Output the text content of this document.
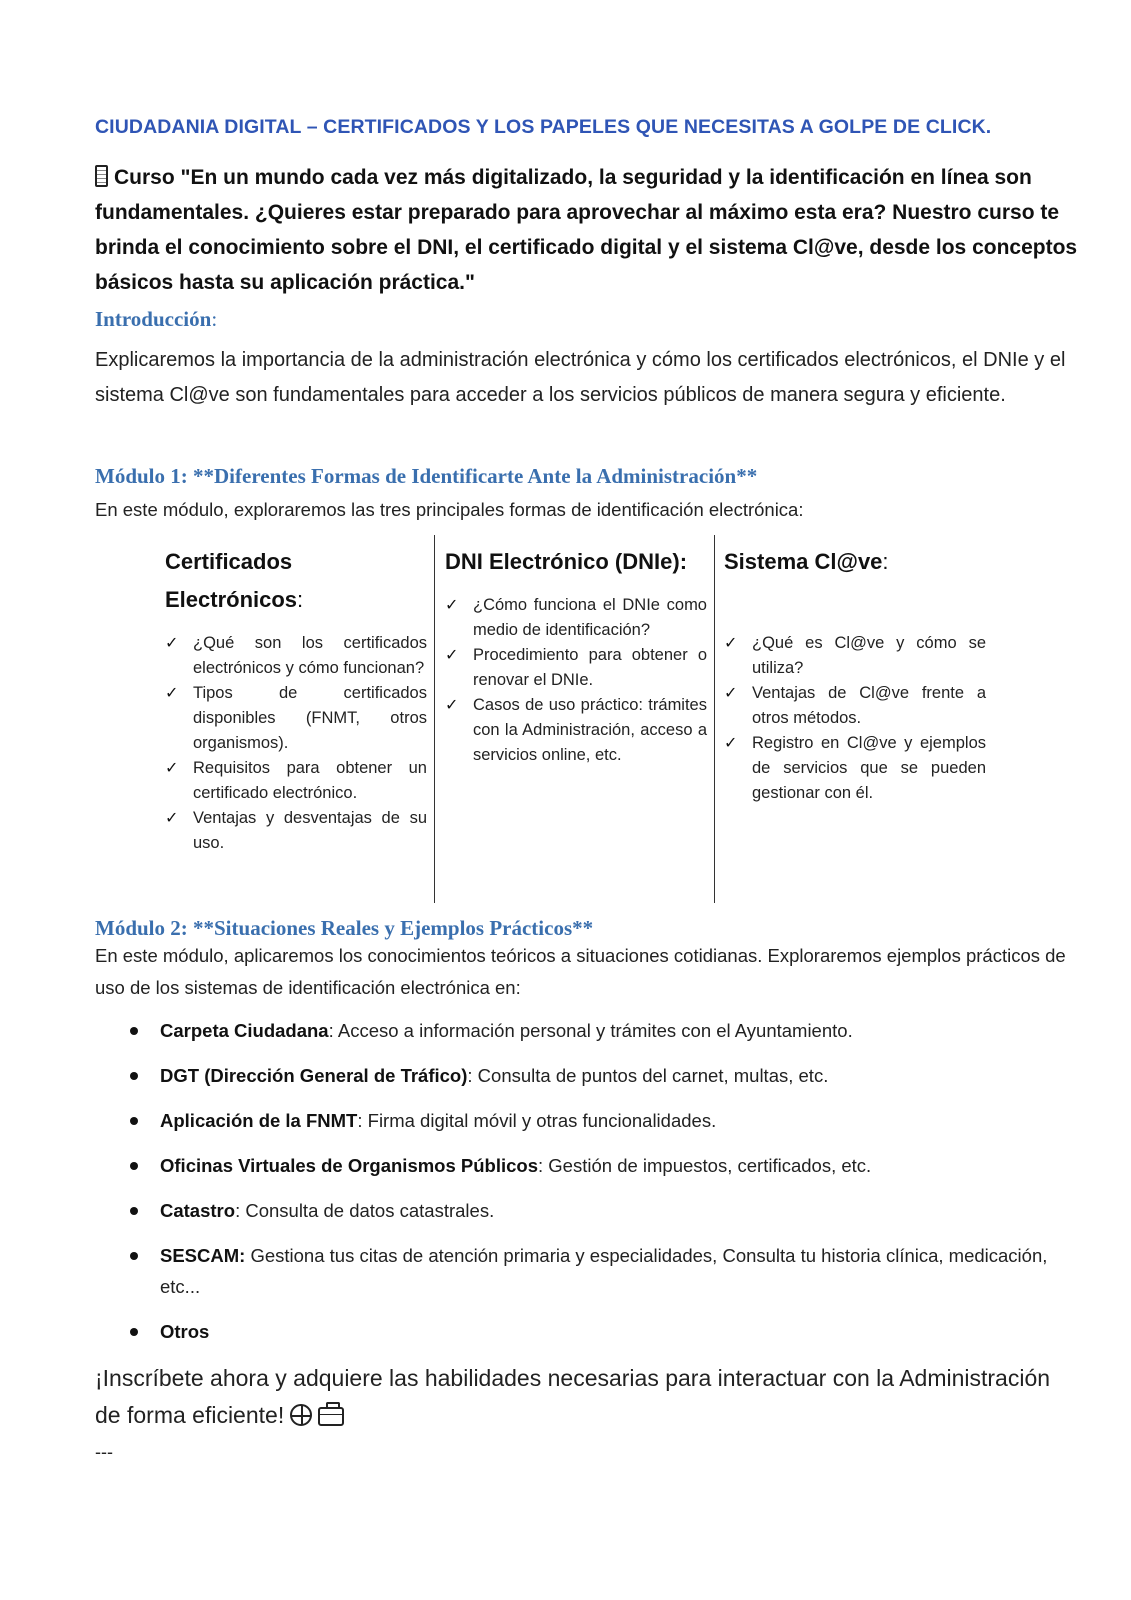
CIUDADANIA DIGITAL – CERTIFICADOS Y LOS PAPELES QUE NECESITAS A GOLPE DE CLICK.
Curso "En un mundo cada vez más digitalizado, la seguridad y la identificación en línea son fundamentales. ¿Quieres estar preparado para aprovechar al máximo esta era? Nuestro curso te brinda el conocimiento sobre el DNI, el certificado digital y el sistema Cl@ve, desde los conceptos básicos hasta su aplicación práctica."
Introducción:
Explicaremos la importancia de la administración electrónica y cómo los certificados electrónicos, el DNIe y el sistema Cl@ve son fundamentales para acceder a los servicios públicos de manera segura y eficiente.
Módulo 1: **Diferentes Formas de Identificarte Ante la Administración**
En este módulo, exploraremos las tres principales formas de identificación electrónica:
Certificados Electrónicos:
✓ ¿Qué son los certificados electrónicos y cómo funcionan?
✓ Tipos de certificados disponibles (FNMT, otros organismos).
✓ Requisitos para obtener un certificado electrónico.
✓ Ventajas y desventajas de su uso.
DNI Electrónico (DNIe):
✓ ¿Cómo funciona el DNIe como medio de identificación?
✓ Procedimiento para obtener o renovar el DNIe.
✓ Casos de uso práctico: trámites con la Administración, acceso a servicios online, etc.
Sistema Cl@ve:
✓ ¿Qué es Cl@ve y cómo se utiliza?
✓ Ventajas de Cl@ve frente a otros métodos.
✓ Registro en Cl@ve y ejemplos de servicios que se pueden gestionar con él.
Módulo 2: **Situaciones Reales y Ejemplos Prácticos**
En este módulo, aplicaremos los conocimientos teóricos a situaciones cotidianas. Exploraremos ejemplos prácticos de uso de los sistemas de identificación electrónica en:
Carpeta Ciudadana: Acceso a información personal y trámites con el Ayuntamiento.
DGT (Dirección General de Tráfico): Consulta de puntos del carnet, multas, etc.
Aplicación de la FNMT: Firma digital móvil y otras funcionalidades.
Oficinas Virtuales de Organismos Públicos: Gestión de impuestos, certificados, etc.
Catastro: Consulta de datos catastrales.
SESCAM: Gestiona tus citas de atención primaria y especialidades, Consulta tu historia clínica, medicación, etc...
Otros
¡Inscríbete ahora y adquiere las habilidades necesarias para interactuar con la Administración de forma eficiente!
---
